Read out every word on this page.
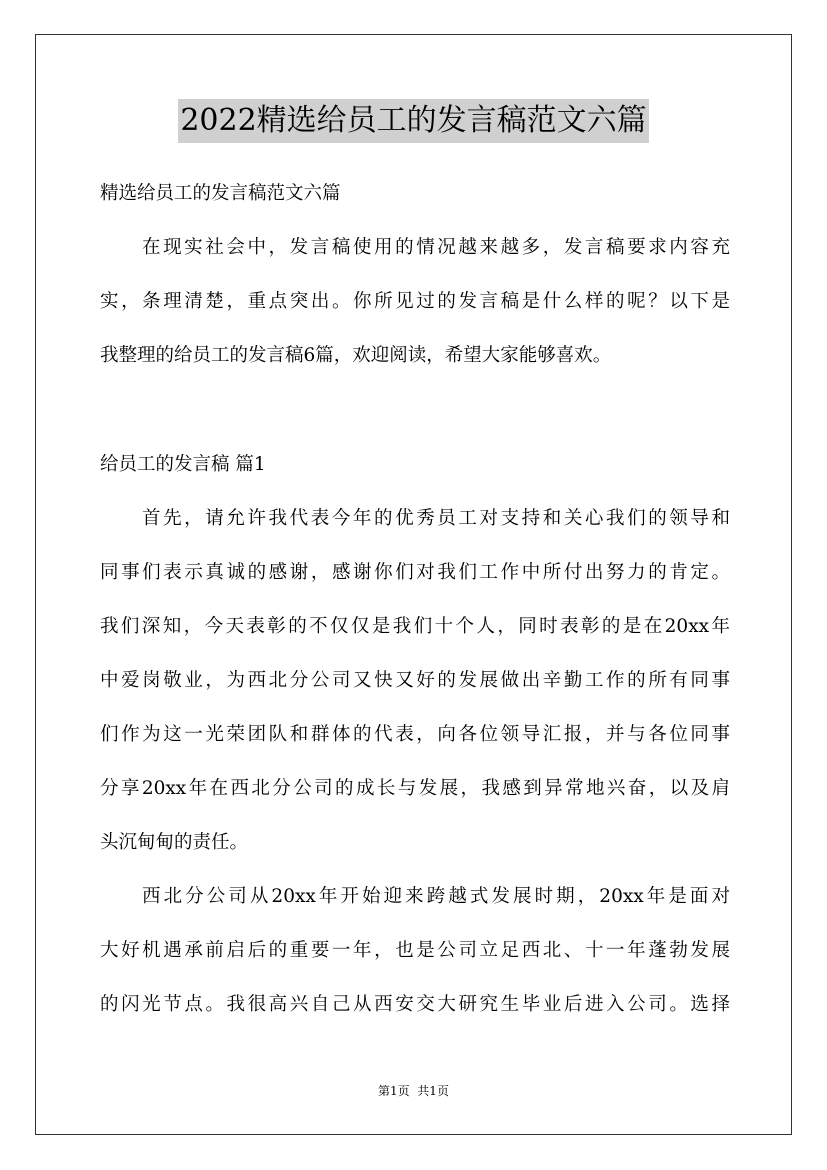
2022精选给员工的发言稿范文六篇
精选给员工的发言稿范文六篇
在现实社会中，发言稿使用的情况越来越多，发言稿要求内容充
实，条理清楚，重点突出。你所见过的发言稿是什么样的呢？以下是
我整理的给员工的发言稿6篇，欢迎阅读，希望大家能够喜欢。
给员工的发言稿 篇1
首先，请允许我代表今年的优秀员工对支持和关心我们的领导和
同事们表示真诚的感谢，感谢你们对我们工作中所付出努力的肯定。
我们深知，今天表彰的不仅仅是我们十个人，同时表彰的是在20xx年
中爱岗敬业，为西北分公司又快又好的发展做出辛勤工作的所有同事
们作为这一光荣团队和群体的代表，向各位领导汇报，并与各位同事
分享20xx年在西北分公司的成长与发展，我感到异常地兴奋，以及肩
头沉甸甸的责任。
西北分公司从20xx年开始迎来跨越式发展时期，20xx年是面对
大好机遇承前启后的重要一年，也是公司立足西北、十一年蓬勃发展
的闪光节点。我很高兴自己从西安交大研究生毕业后进入公司。选择
第1页  共1页
